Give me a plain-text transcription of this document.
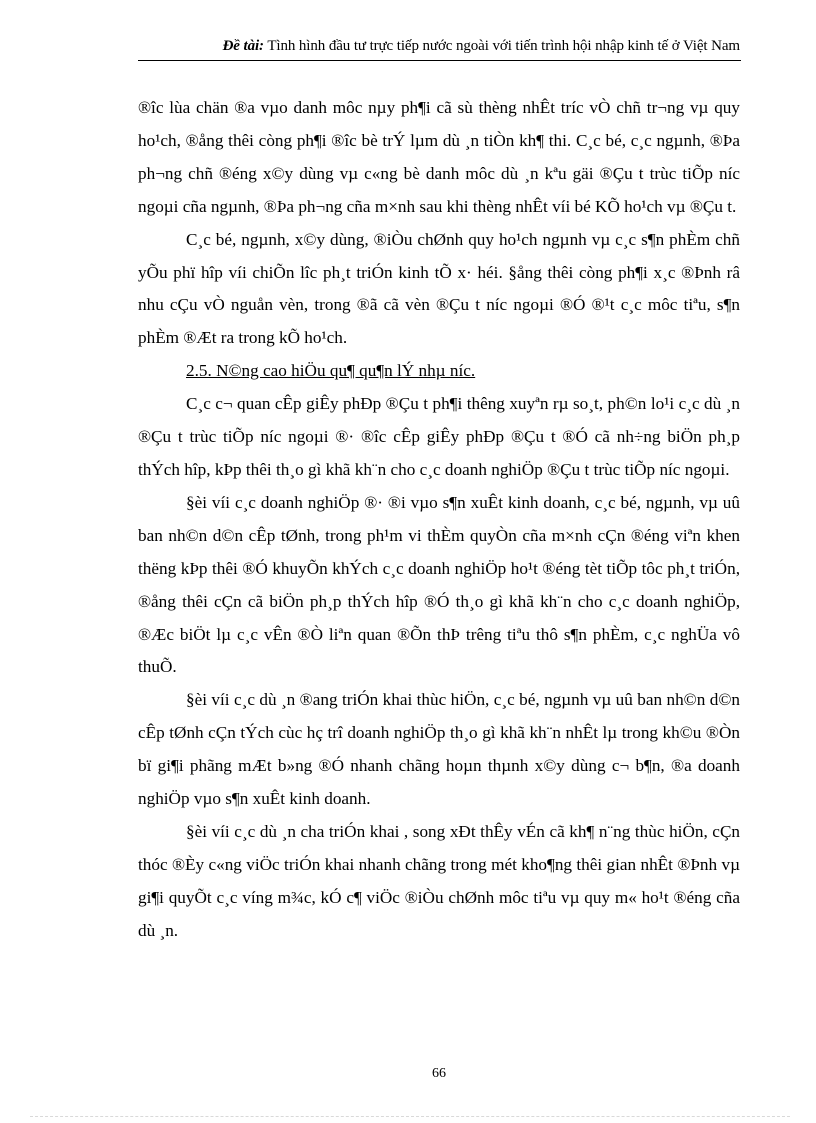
Đề tài: Tình hình đầu tư trực tiếp nước ngoài với tiến trình hội nhập kinh tế ở Việt Nam

®îc lùa chän ®a vµo danh môc nµy ph¶i cã sù thèng nhÊt tríc vÒ chñ tr¬ng vµ quy ho¹ch, ®ång thêi còng ph¶i ®îc bè trÝ lµm dù ¸n tiÒn kh¶ thi. C¸c bé, c¸c ngµnh, ®Þa ph¬ng chñ ®éng x©y dùng vµ c«ng bè danh môc dù ¸n kªu gäi ®Çu t trùc tiÕp níc ngoµi cña ngµnh, ®Þa ph¬ng cña m×nh sau khi thèng nhÊt víi bé KÕ ho¹ch vµ ®Çu t.

C¸c bé, ngµnh, x©y dùng, ®iÒu chØnh quy ho¹ch ngµnh vµ c¸c s¶n phÈm chñ yÕu phï hîp víi chiÕn lîc ph¸t triÓn kinh tÕ x· héi. §ång thêi còng ph¶i x¸c ®Þnh râ nhu cÇu vÒ nguån vèn, trong ®ã cã vèn ®Çu t níc ngoµi ®Ó ®¹t c¸c môc tiªu, s¶n phÈm ®Æt ra trong kÕ ho¹ch.

2.5. N©ng cao hiÖu qu¶ qu¶n lÝ nhµ níc.

C¸c c¬ quan cÊp giÊy phÐp ®Çu t ph¶i thêng xuyªn rµ so¸t, ph©n lo¹i c¸c dù ¸n ®Çu t trùc tiÕp níc ngoµi ®· ®îc cÊp giÊy phÐp ®Çu t ®Ó cã nh÷ng biÖn ph¸p thÝch hîp, kÞp thêi th¸o gì khã kh¨n cho c¸c doanh nghiÖp ®Çu t trùc tiÕp níc ngoµi.

§èi víi c¸c doanh nghiÖp ®· ®i vµo s¶n xuÊt kinh doanh, c¸c bé, ngµnh, vµ uû ban nh©n d©n cÊp tØnh, trong ph¹m vi thÈm quyÒn cña m×nh cÇn ®éng viªn khen thëng kÞp thêi ®Ó khuyÕn khÝch c¸c doanh nghiÖp ho¹t ®éng tèt tiÕp tôc ph¸t triÓn, ®ång thêi cÇn cã biÖn ph¸p thÝch hîp ®Ó th¸o gì khã kh¨n cho c¸c doanh nghiÖp, ®Æc biÖt lµ c¸c vÊn ®Ò liªn quan ®Õn thÞ trêng tiªu thô s¶n phÈm, c¸c nghÜa vô thuÕ.

§èi víi c¸c dù ¸n ®ang triÓn khai thùc hiÖn, c¸c bé, ngµnh vµ uû ban nh©n d©n cÊp tØnh cÇn tÝch cùc hç trî doanh nghiÖp th¸o gì khã kh¨n nhÊt lµ trong kh©u ®Òn bï gi¶i phãng mÆt b»ng ®Ó nhanh chãng hoµn thµnh x©y dùng c¬ b¶n, ®a doanh nghiÖp vµo s¶n xuÊt kinh doanh.

§èi víi c¸c dù ¸n cha triÓn khai , song xÐt thÊy vÉn cã kh¶ n¨ng thùc hiÖn, cÇn thóc ®Èy c«ng viÖc triÓn khai nhanh chãng trong mét kho¶ng thêi gian nhÊt ®Þnh vµ gi¶i quyÕt c¸c víng m¾c, kÓ c¶ viÖc ®iÒu chØnh môc tiªu vµ quy m« ho¹t ®éng cña dù ¸n.

66
